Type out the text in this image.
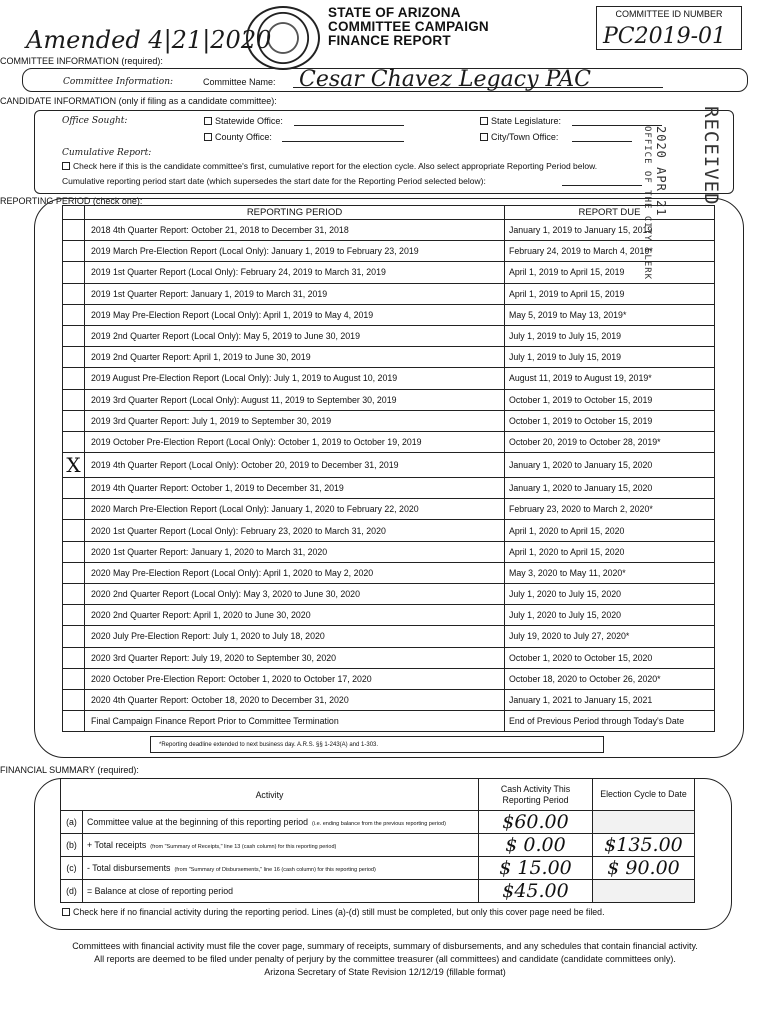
STATE OF ARIZONA
COMMITTEE CAMPAIGN
FINANCE REPORT
COMMITTEE ID NUMBER
PC2019-01
Amended 4|21|2020
COMMITTEE INFORMATION (required):
Committee Information:	Committee Name: Cesar Chavez Legacy PAC
CANDIDATE INFORMATION (only if filing as a candidate committee):
Office Sought:	Statewide Office:
County Office:
State Legislature:
City/Town Office:
Cumulative Report:
Check here if this is the candidate committee's first, cumulative report for the election cycle. Also select appropriate Reporting Period below.
Cumulative reporting period start date (which supersedes the start date for the Reporting Period selected below):	RECEIVED
2020 APR 21
OFFICE OF THE CITY CLERK
REPORTING PERIOD (check one):
	REPORTING PERIOD	REPORT DUE
	2018 4th Quarter Report: October 21, 2018 to December 31, 2018	January 1, 2019 to January 15, 2019
	2019 March Pre-Election Report (Local Only): January 1, 2019 to February 23, 2019	February 24, 2019 to March 4, 2019*
	2019 1st Quarter Report (Local Only): February 24, 2019 to March 31, 2019	April 1, 2019 to April 15, 2019
	2019 1st Quarter Report: January 1, 2019 to March 31, 2019	April 1, 2019 to April 15, 2019
	2019 May Pre-Election Report (Local Only): April 1, 2019 to May 4, 2019	May 5, 2019 to May 13, 2019*
	2019 2nd Quarter Report (Local Only): May 5, 2019 to June 30, 2019	July 1, 2019 to July 15, 2019
	2019 2nd Quarter Report: April 1, 2019 to June 30, 2019	July 1, 2019 to July 15, 2019
	2019 August Pre-Election Report (Local Only): July 1, 2019 to August 10, 2019	August 11, 2019 to August 19, 2019*
	2019 3rd Quarter Report (Local Only): August 11, 2019 to September 30, 2019	October 1, 2019 to October 15, 2019
	2019 3rd Quarter Report: July 1, 2019 to September 30, 2019	October 1, 2019 to October 15, 2019
	2019 October Pre-Election Report (Local Only): October 1, 2019 to October 19, 2019	October 20, 2019 to October 28, 2019*
X	2019 4th Quarter Report (Local Only): October 20, 2019 to December 31, 2019	January 1, 2020 to January 15, 2020
	2019 4th Quarter Report: October 1, 2019 to December 31, 2019	January 1, 2020 to January 15, 2020
	2020 March Pre-Election Report (Local Only): January 1, 2020 to February 22, 2020	February 23, 2020 to March 2, 2020*
	2020 1st Quarter Report (Local Only): February 23, 2020 to March 31, 2020	April 1, 2020 to April 15, 2020
	2020 1st Quarter Report: January 1, 2020 to March 31, 2020	April 1, 2020 to April 15, 2020
	2020 May Pre-Election Report (Local Only): April 1, 2020 to May 2, 2020	May 3, 2020 to May 11, 2020*
	2020 2nd Quarter Report (Local Only): May 3, 2020 to June 30, 2020	July 1, 2020 to July 15, 2020
	2020 2nd Quarter Report: April 1, 2020 to June 30, 2020	July 1, 2020 to July 15, 2020
	2020 July Pre-Election Report: July 1, 2020 to July 18, 2020	July 19, 2020 to July 27, 2020*
	2020 3rd Quarter Report: July 19, 2020 to September 30, 2020	October 1, 2020 to October 15, 2020
	2020 October Pre-Election Report: October 1, 2020 to October 17, 2020	October 18, 2020 to October 26, 2020*
	2020 4th Quarter Report: October 18, 2020 to December 31, 2020	January 1, 2021 to January 15, 2021
	Final Campaign Finance Report Prior to Committee Termination	End of Previous Period through Today's Date
*Reporting deadline extended to next business day. A.R.S. §§ 1-243(A) and 1-303.
FINANCIAL SUMMARY (required):
Activity		Cash Activity This Reporting Period	Election Cycle to Date
(a)	Committee value at the beginning of this reporting period (i.e. ending balance from the previous reporting period)	$60.00	
(b)	+ Total receipts (from "Summary of Receipts," line 13 (cash column) for this reporting period)	$ 0.00	$135.00
(c)	- Total disbursements (from "Summary of Disbursements," line 16 (cash column) for this reporting period)	$ 15.00	$ 90.00
(d)	= Balance at close of reporting period	$45.00	
Check here if no financial activity during the reporting period. Lines (a)-(d) still must be completed, but only this cover page need be filed.
Committees with financial activity must file the cover page, summary of receipts, summary of disbursements, and any schedules that contain financial activity.
All reports are deemed to be filed under penalty of perjury by the committee treasurer (all committees) and candidate (candidate committees only).
Arizona Secretary of State Revision 12/12/19 (fillable format)
